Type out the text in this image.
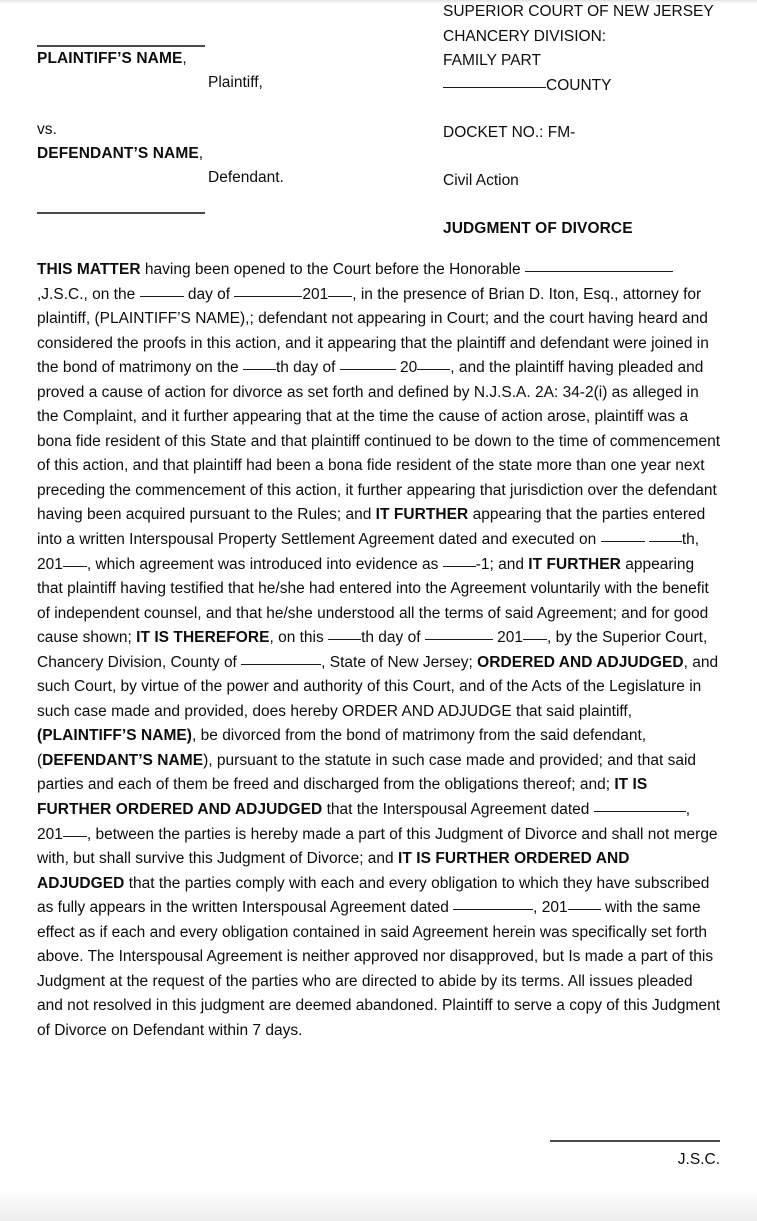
PLAINTIFF’S NAME,
Plaintiff,
vs.
DEFENDANT’S NAME,
Defendant.
SUPERIOR COURT OF NEW JERSEY
CHANCERY DIVISION:
FAMILY PART
COUNTY
DOCKET NO.: FM-
Civil Action
JUDGMENT OF DIVORCE
THIS MATTER having been opened to the Court before the Honorable ,J.S.C., on the	day of	201 , in the presence of Brian D. Iton, Esq., attorney for plaintiff, (PLAINTIFF’S NAME),; defendant not appearing in Court; and the court having heard and considered the proofs in this action, and it appearing that the plaintiff and defendant were joined in the bond of matrimony on the th day of	20 , and the plaintiff having pleaded and proved a cause of action for divorce as set forth and defined by N.J.S.A. 2A: 34-2(i) as alleged in the Complaint, and it further appearing that at the time the cause of action arose, plaintiff was a bona fide resident of this State and that plaintiff continued to be down to the time of commencement of this action, and that plaintiff had been a bona fide resident of the state more than one year next preceding the commencement of this action, it further appearing that jurisdiction over the defendant having been acquired pursuant to the Rules; and IT FURTHER appearing that the parties entered into a written Interspousal Property Settlement Agreement dated and executed on	th, 201 , which agreement was introduced into evidence as -1; and IT FURTHER appearing that plaintiff having testified that he/she had entered into the Agreement voluntarily with the benefit of independent counsel, and that he/she understood all the terms of said Agreement; and for good cause shown; IT IS THEREFORE, on this th day of	201 , by the Superior Court, Chancery Division, County of	, State of New Jersey; ORDERED AND ADJUDGED, and such Court, by virtue of the power and authority of this Court, and of the Acts of the Legislature in such case made and provided, does hereby ORDER AND ADJUDGE that said plaintiff, (PLAINTIFF’S NAME), be divorced from the bond of matrimony from the said defendant, (DEFENDANT’S NAME), pursuant to the statute in such case made and provided; and that said parties and each of them be freed and discharged from the obligations thereof; and; IT IS FURTHER ORDERED AND ADJUDGED that the Interspousal Agreement dated	, 201 , between the parties is hereby made a part of this Judgment of Divorce and shall not merge with, but shall survive this Judgment of Divorce; and IT IS FURTHER ORDERED AND ADJUDGED that the parties comply with each and every obligation to which they have subscribed as fully appears in the written Interspousal Agreement dated	, 201 with the same effect as if each and every obligation contained in said Agreement herein was specifically set forth above. The Interspousal Agreement is neither approved nor disapproved, but Is made a part of this Judgment at the request of the parties who are directed to abide by its terms. All issues pleaded and not resolved in this judgment are deemed abandoned. Plaintiff to serve a copy of this Judgment of Divorce on Defendant within 7 days.
J.S.C.
